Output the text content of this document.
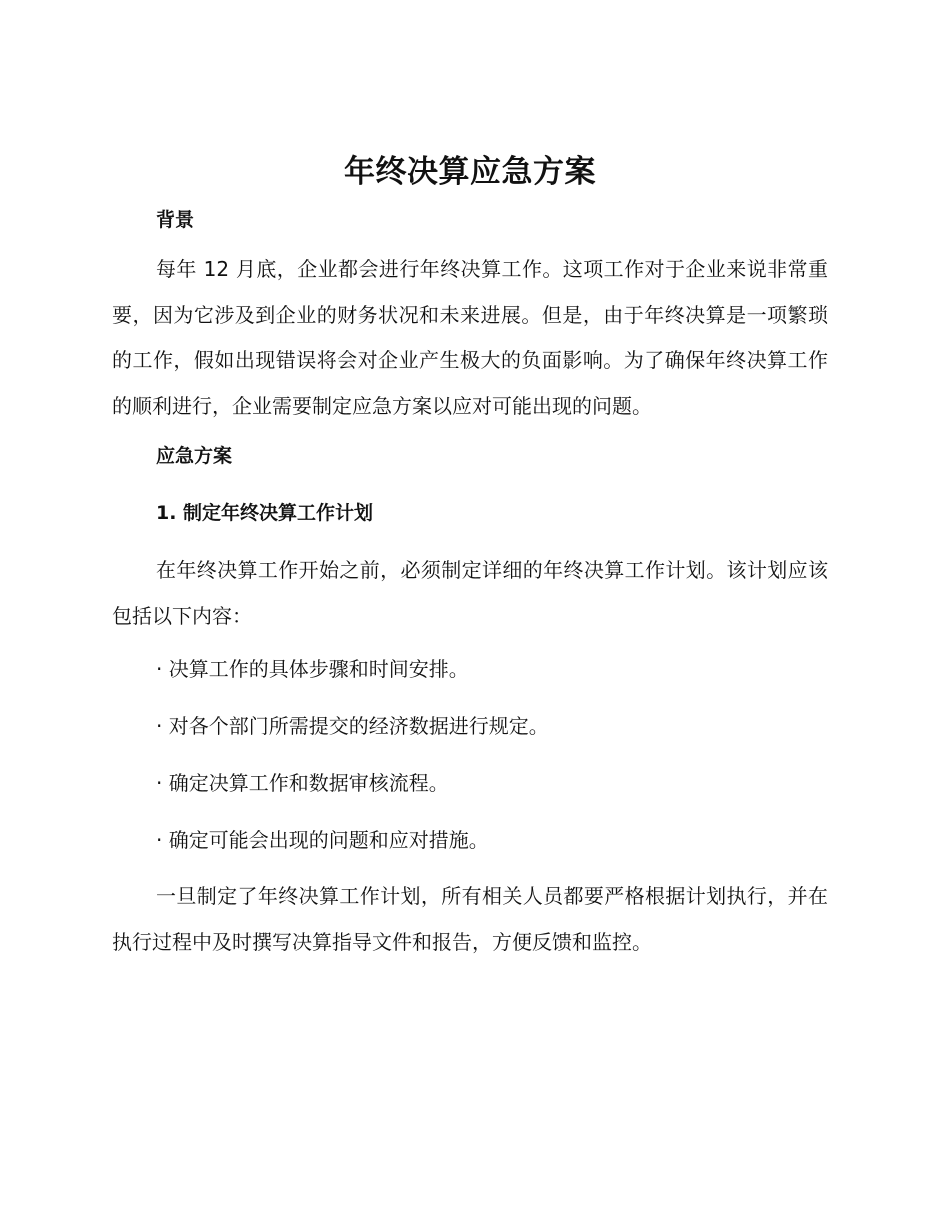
年终决算应急方案
背景

每年 12 月底，企业都会进行年终决算工作。这项工作对于企业来说非常重要，因为它涉及到企业的财务状况和未来进展。但是，由于年终决算是一项繁琐的工作，假如出现错误将会对企业产生极大的负面影响。为了确保年终决算工作的顺利进行，企业需要制定应急方案以应对可能出现的问题。

应急方案
1. 制定年终决算工作计划

在年终决算工作开始之前，必须制定详细的年终决算工作计划。该计划应该包括以下内容：

· 决算工作的具体步骤和时间安排。

· 对各个部门所需提交的经济数据进行规定。

· 确定决算工作和数据审核流程。

· 确定可能会出现的问题和应对措施。

一旦制定了年终决算工作计划，所有相关人员都要严格根据计划执行，并在执行过程中及时撰写决算指导文件和报告，方便反馈和监控。
